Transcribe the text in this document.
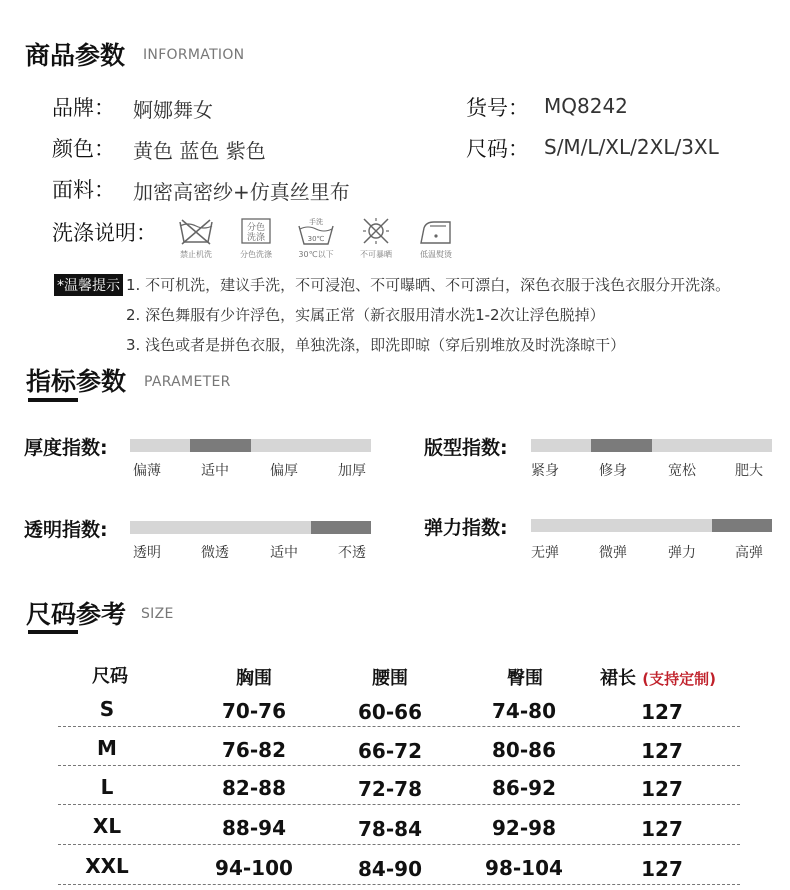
商品参数 INFORMATION
品牌： 婀娜舞女	货号： MQ8242
颜色： 黄色 蓝色 紫色	尺码： S/M/L/XL/2XL/3XL
面料： 加密高密纱+仿真丝里布
洗涤说明：
禁止机洗
分色
洗涤
分色洗涤
手洗
30℃
30℃以下	不可暴晒	低温熨烫
*温馨提示 1. 不可机洗，建议手洗，不可浸泡、不可曝晒、不可漂白，深色衣服于浅色衣服分开洗涤。
2. 深色舞服有少许浮色，实属正常（新衣服用清水洗1-2次让浮色脱掉）
3. 浅色或者是拼色衣服，单独洗涤，即洗即晾（穿后别堆放及时洗涤晾干）
指标参数 PARAMETER
厚度指数:
偏薄	适中	偏厚	加厚
版型指数:
紧身	修身	宽松	肥大
透明指数:
透明	微透	适中	不透
弹力指数:
无弹	微弹	弹力	高弹
尺码参考 SIZE
尺码	胸围	腰围	臀围	裙长 (支持定制)
S	70-76	60-66	74-80	127
M	76-82	66-72	80-86	127
L	82-88	72-78	86-92	127
XL	88-94	78-84	92-98	127
XXL	94-100	84-90	98-104	127
